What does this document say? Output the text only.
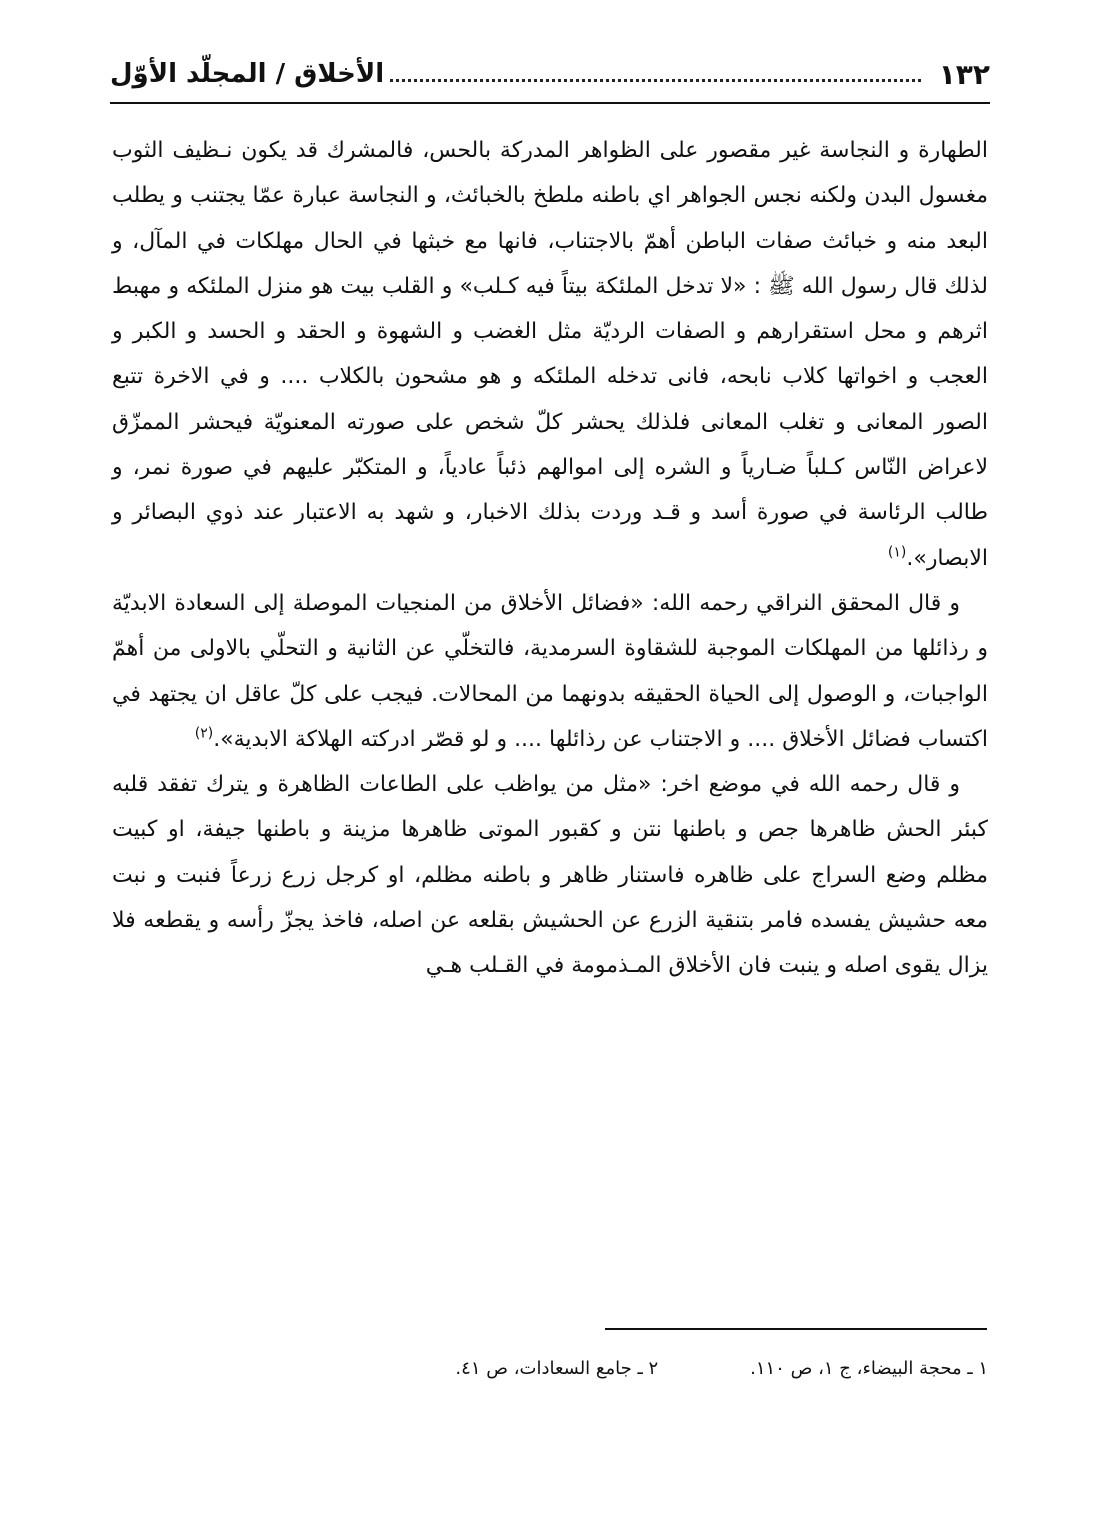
١٣٢
الأخلاق / المجلّد الأوّل

الطهارة و النجاسة غير مقصور على الظواهر المدركة بالحس، فالمشرك قد يكون نـظيف الثوب مغسول البدن ولكنه نجس الجواهر اي باطنه ملطخ بالخبائث، و النجاسة عبارة عمّا يجتنب و يطلب البعد منه و خبائث صفات الباطن أهمّ بالاجتناب، فانها مع خبثها في الحال مهلكات في المآل، و لذلك قال رسول الله ﷺ : «لا تدخل الملئكة بيتاً فيه كـلب» و القلب بيت هو منزل الملئكه و مهبط اثرهم و محل استقرارهم و الصفات الرديّة مثل الغضب و الشهوة و الحقد و الحسد و الكبر و العجب و اخواتها كلاب نابحه، فانى تدخله الملئكه و هو مشحون بالكلاب .... و في الاخرة تتبع الصور المعانى و تغلب المعانى فلذلك يحشر كلّ شخص على صورته المعنويّة فيحشر الممزّق لاعراض النّاس كـلباً ضـارياً و الشره إلى اموالهم ذئباً عادياً، و المتكبّر عليهم في صورة نمر، و طالب الرئاسة في صورة أسد و قـد وردت بذلك الاخبار، و شهد به الاعتبار عند ذوي البصائر و الابصار».$^{(١)}$

و قال المحقق النراقي رحمه الله: «فضائل الأخلاق من المنجيات الموصلة إلى السعادة الابديّة و رذائلها من المهلكات الموجبة للشقاوة السرمدية، فالتخلّي عن الثانية و التحلّي بالاولى من أهمّ الواجبات، و الوصول إلى الحياة الحقيقه بدونهما من المحالات. فيجب على كلّ عاقل ان يجتهد في اكتساب فضائل الأخلاق .... و الاجتناب عن رذائلها .... و لو قصّر ادركته الهلاكة الابدية».$^{(٢)}$

و قال رحمه الله في موضع اخر: «مثل من يواظب على الطاعات الظاهرة و يترك تفقد قلبه كبئر الحش ظاهرها جص و باطنها نتن و كقبور الموتى ظاهرها مزينة و باطنها جيفة، او كبيت مظلم وضع السراج على ظاهره فاستنار ظاهر و باطنه مظلم، او كرجل زرع زرعاً فنبت و نبت معه حشيش يفسده فامر بتنقية الزرع عن الحشيش بقلعه عن اصله، فاخذ يجزّ رأسه و يقطعه فلا يزال يقوى اصله و ينبت فان الأخلاق المـذمومة في القـلب هـي

١ ـ محجة البيضاء، ج ١، ص ١١٠.
٢ ـ جامع السعادات، ص ٤١.
